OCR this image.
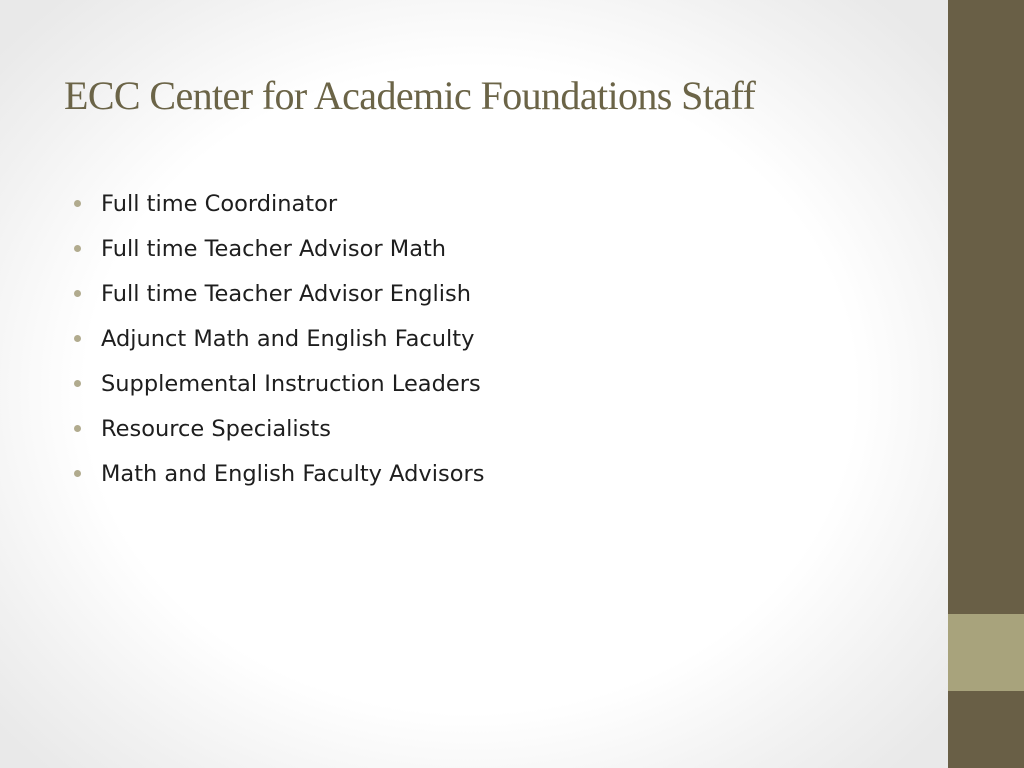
ECC Center for Academic Foundations Staff
Full time Coordinator
Full time Teacher Advisor Math
Full time Teacher Advisor English
Adjunct Math and English Faculty
Supplemental Instruction Leaders
Resource Specialists
Math and English Faculty Advisors
